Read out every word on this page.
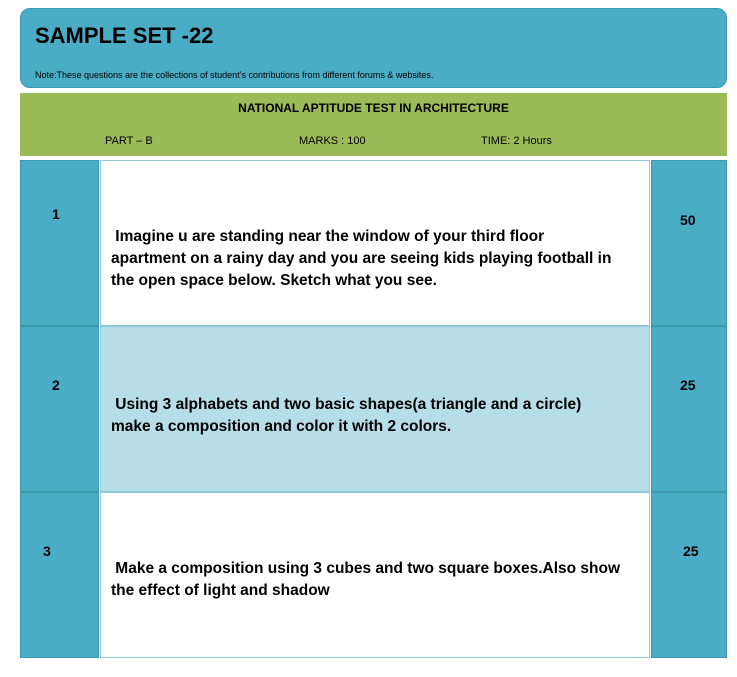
SAMPLE SET -22
Note:These questions are the collections of student’s contributions from different forums & websites.
NATIONAL APTITUDE TEST IN ARCHITECTURE
PART – B	MARKS : 100	TIME: 2 Hours
1
Imagine u are standing near the window of your third floor
apartment on a rainy day and you are seeing kids playing football in
the open space below. Sketch what you see.
50
2
Using 3 alphabets and two basic shapes(a triangle and a circle)
make a composition and color it with 2 colors.
25
3
Make a composition using 3 cubes and two square boxes.Also show
the effect of light and shadow
25
